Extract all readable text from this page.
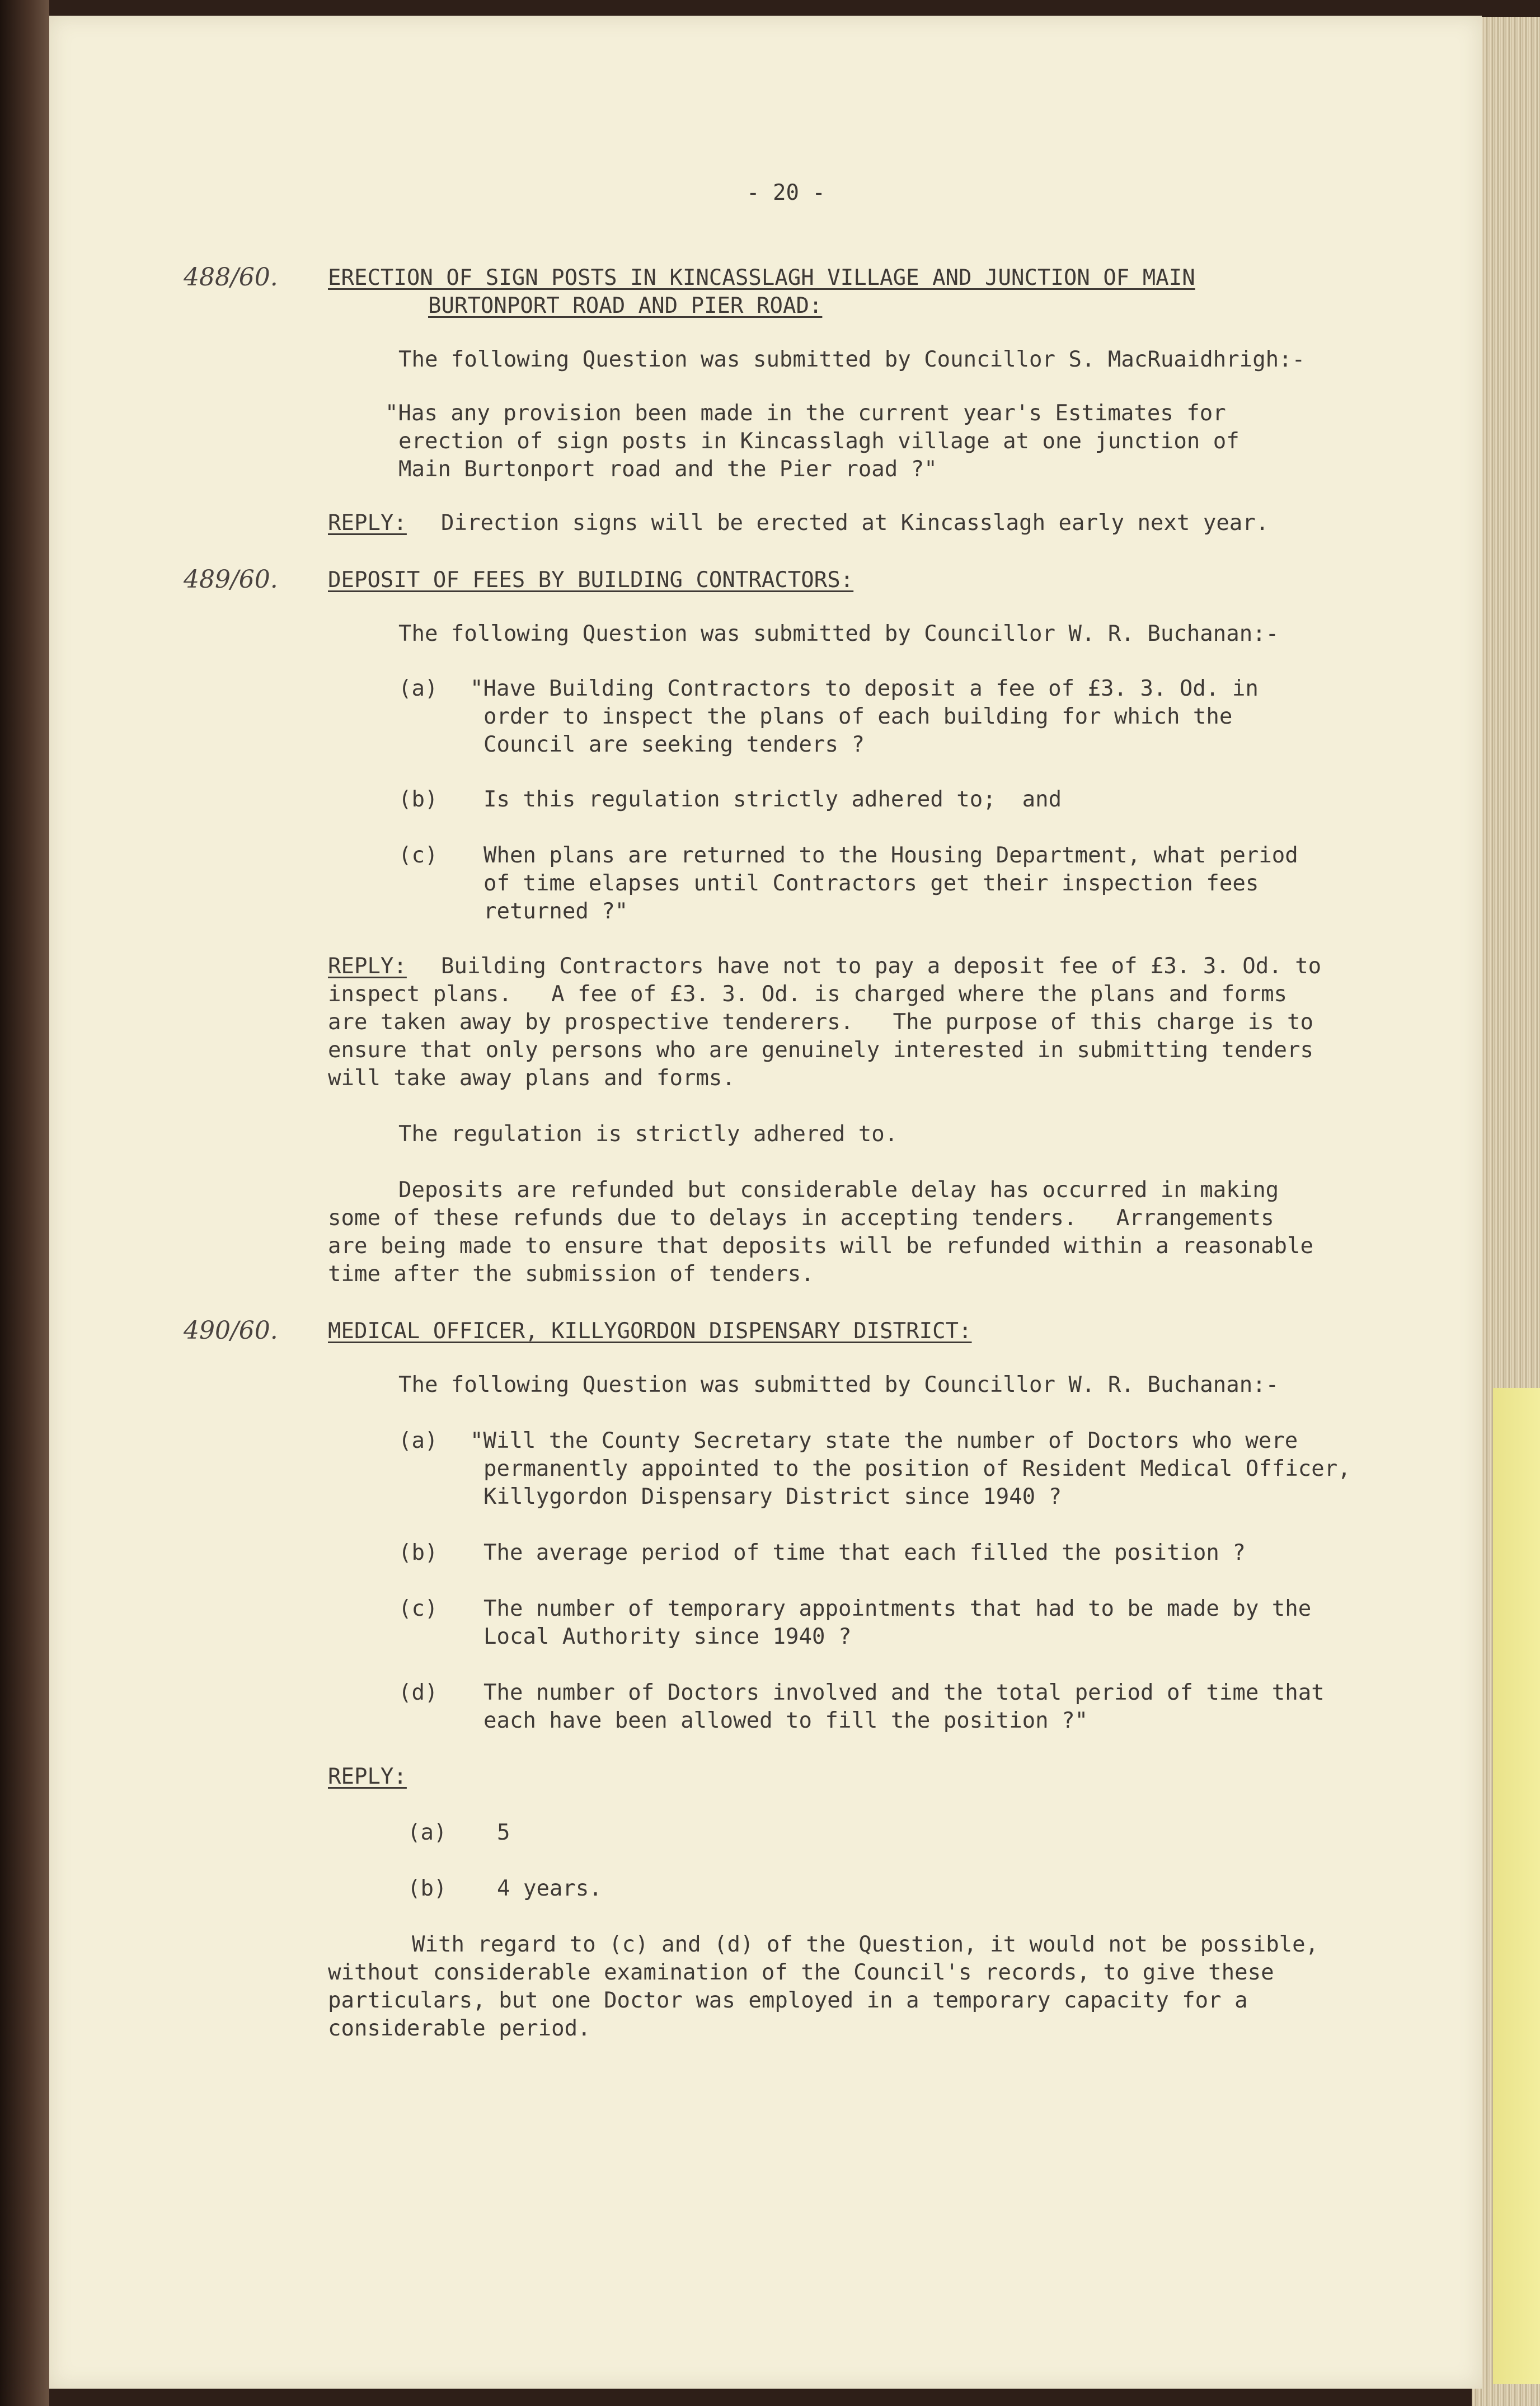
- 20 -
488/60. ERECTION OF SIGN POSTS IN KINCASSLAGH VILLAGE AND JUNCTION OF MAIN
BURTONPORT ROAD AND PIER ROAD:
The following Question was submitted by Councillor S. MacRuaidhrigh:-
"Has any provision been made in the current year's Estimates for
erection of sign posts in Kincasslagh village at one junction of
Main Burtonport road and the Pier road ?"
REPLY: Direction signs will be erected at Kincasslagh early next year.
489/60. DEPOSIT OF FEES BY BUILDING CONTRACTORS:
The following Question was submitted by Councillor W. R. Buchanan:-
(a) "Have Building Contractors to deposit a fee of £3. 3. Od. in
order to inspect the plans of each building for which the
Council are seeking tenders ?
(b) Is this regulation strictly adhered to;  and
(c) When plans are returned to the Housing Department, what period
of time elapses until Contractors get their inspection fees
returned ?"
REPLY: Building Contractors have not to pay a deposit fee of £3. 3. Od. to
inspect plans.   A fee of £3. 3. Od. is charged where the plans and forms
are taken away by prospective tenderers.   The purpose of this charge is to
ensure that only persons who are genuinely interested in submitting tenders
will take away plans and forms.
The regulation is strictly adhered to.
Deposits are refunded but considerable delay has occurred in making
some of these refunds due to delays in accepting tenders.   Arrangements
are being made to ensure that deposits will be refunded within a reasonable
time after the submission of tenders.
490/60. MEDICAL OFFICER, KILLYGORDON DISPENSARY DISTRICT:
The following Question was submitted by Councillor W. R. Buchanan:-
(a) "Will the County Secretary state the number of Doctors who were
permanently appointed to the position of Resident Medical Officer,
Killygordon Dispensary District since 1940 ?
(b) The average period of time that each filled the position ?
(c) The number of temporary appointments that had to be made by the
Local Authority since 1940 ?
(d) The number of Doctors involved and the total period of time that
each have been allowed to fill the position ?"
REPLY:
(a) 5
(b) 4 years.
With regard to (c) and (d) of the Question, it would not be possible,
without considerable examination of the Council's records, to give these
particulars, but one Doctor was employed in a temporary capacity for a
considerable period.
